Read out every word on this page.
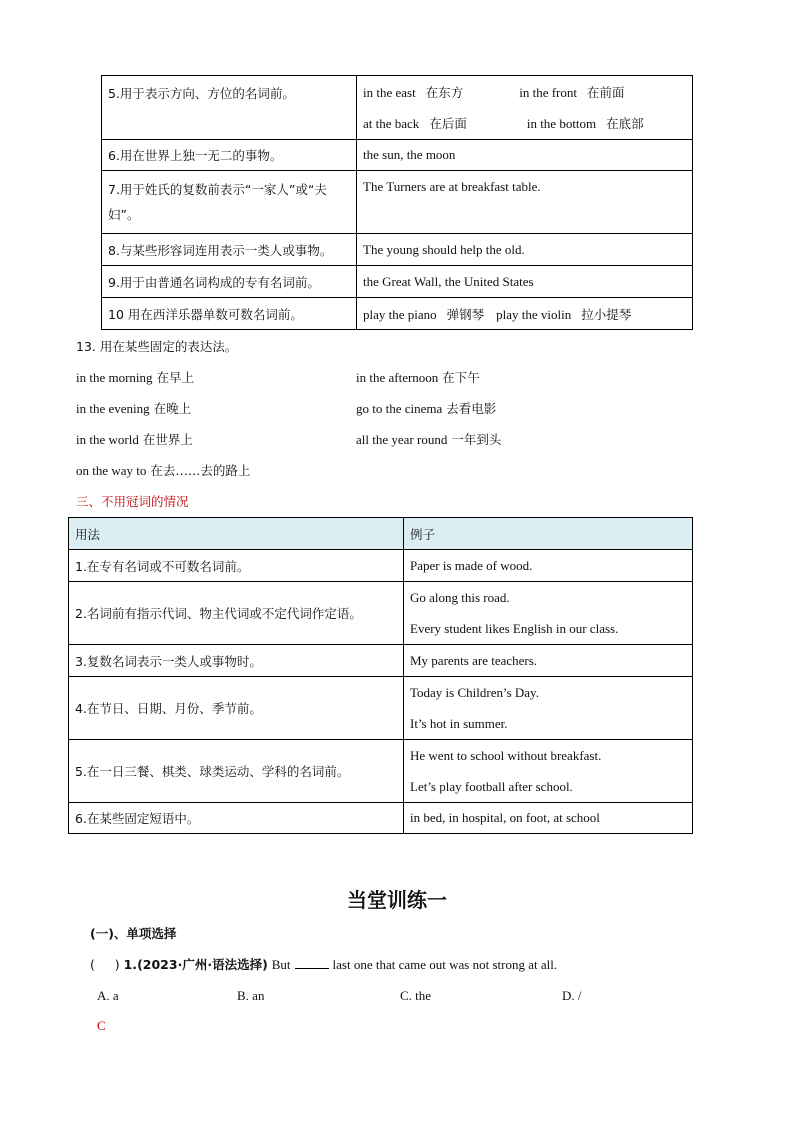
5.用于表示方向、方位的名词前。	in the east 在东方 in the front 在前面
at the back 在后面 in the bottom 在底部

6.用在世界上独一无二的事物。	the sun, the moon
7.用于姓氏的复数前表示“一家人”或“夫妇”。	The Turners are at breakfast table.
8.与某些形容词连用表示一类人或事物。	The young should help the old.
9.用于由普通名词构成的专有名词前。	the Great Wall, the United States
10 用在西洋乐器单数可数名词前。	play the piano 弹钢琴 play the violin 拉小提琴
13. 用在某些固定的表达法。
in the morning 在早上	in the afternoon 在下午
in the evening 在晚上	go to the cinema 去看电影
in the world 在世界上	all the year round 一年到头
on the way to 在去……去的路上
三、不用冠词的情况
用法	例子
1.在专有名词或不可数名词前。	Paper is made of wood.
2.名词前有指示代词、物主代词或不定代词作定语。	Go along this road.
Every student likes English in our class.

3.复数名词表示一类人或事物时。	My parents are teachers.
4.在节日、日期、月份、季节前。	Today is Children’s Day.
It’s hot in summer.

5.在一日三餐、棋类、球类运动、学科的名词前。	He went to school without breakfast.
Let’s play football after school.

6.在某些固定短语中。	in bed, in hospital, on foot, at school
当堂训练一
(一)、单项选择
(     ) 1.(2023·广州·语法选择) But	last one that came out was not strong at all.
A. a	B. an	C. the	D. /
C
